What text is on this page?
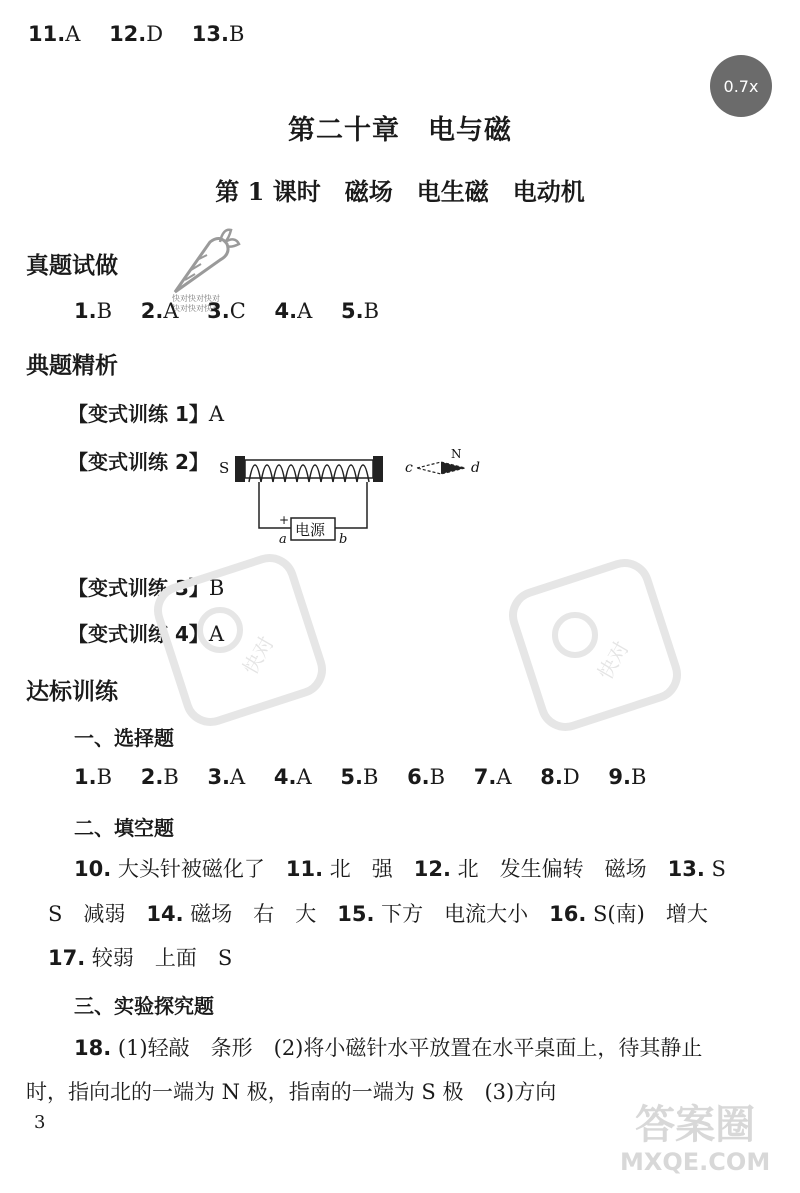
11.A 12.D 13.B
0.7x
第二十章　电与磁
第 1 课时　磁场　电生磁　电动机
真题试做
快对快对快对
快对快对快对
1.B 2.A 3.C 4.A 5.B
典题精析
【变式训练 1】A
【变式训练 2】 S
电源
+
a	b
c
N
d
【变式训练 3】B
【变式训练 4】A 快对	快对
达标训练
一、选择题
1.B 2.B 3.A 4.A 5.B 6.B 7.A 8.D 9.B
二、填空题
10. 大头针被磁化了　11. 北　强　12. 北　发生偏转　磁场　13. S
S　减弱　14. 磁场　右　大　15. 下方　电流大小　16. S(南)　增大
17. 较弱　上面　S
三、实验探究题
18. (1)轻敲　条形　(2)将小磁针水平放置在水平桌面上，待其静止
时，指向北的一端为 N 极，指南的一端为 S 极　(3)方向
3	答案圈
MXQE.COM
